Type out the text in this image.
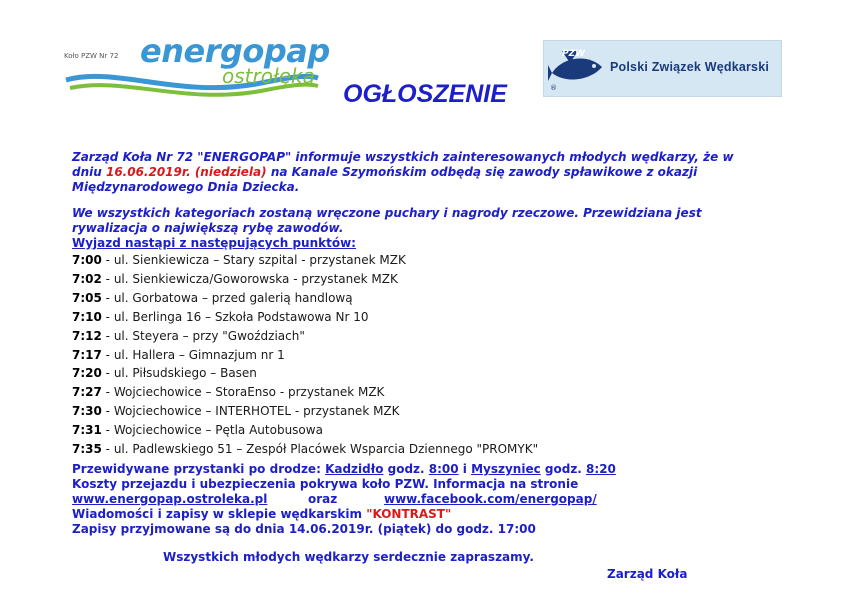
Koło PZW Nr 72 energopap
ostrołęka
OGŁOSZENIE
PZW
Polski Związek Wędkarski
®
Zarząd Koła Nr 72 "ENERGOPAP" informuje wszystkich zainteresowanych młodych wędkarzy, że w dniu 16.06.2019r. (niedziela) na Kanale Szymońskim odbędą się zawody spławikowe z okazji Międzynarodowego Dnia Dziecka.
We wszystkich kategoriach zostaną wręczone puchary i nagrody rzeczowe. Przewidziana jest rywalizacja o największą rybę zawodów.
Wyjazd nastąpi z następujących punktów:
7:00 - ul. Sienkiewicza – Stary szpital - przystanek MZK
7:02 - ul. Sienkiewicza/Goworowska - przystanek MZK
7:05 - ul. Gorbatowa – przed galerią handlową
7:10 - ul. Berlinga 16 – Szkoła Podstawowa Nr 10
7:12 - ul. Steyera – przy "Gwoździach"
7:17 - ul. Hallera – Gimnazjum nr 1
7:20 - ul. Piłsudskiego – Basen
7:27 - Wojciechowice – StoraEnso - przystanek MZK
7:30 - Wojciechowice – INTERHOTEL - przystanek MZK
7:31 - Wojciechowice – Pętla Autobusowa
7:35 - ul. Padlewskiego 51 – Zespół Placówek Wsparcia Dziennego "PROMYK"
Przewidywane przystanki po drodze: Kadzidło godz. 8:00 i Myszyniec godz. 8:20
Koszty przejazdu i ubezpieczenia pokrywa koło PZW. Informacja na stronie
www.energopap.ostroleka.pl	oraz	www.facebook.com/energopap/
Wiadomości i zapisy w sklepie wędkarskim "KONTRAST"
Zapisy przyjmowane są do dnia 14.06.2019r. (piątek) do godz. 17:00
Wszystkich młodych wędkarzy serdecznie zapraszamy.
Zarząd Koła
